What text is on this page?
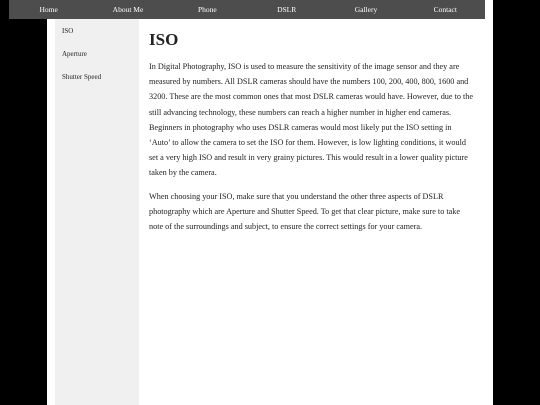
Home	About Me	Phone	DSLR	Gallery	Contact
ISO
Aperture
Shutter Speed
ISO

In Digital Photography, ISO is used to measure the sensitivity of the image sensor and they are measured by numbers. All DSLR cameras should have the numbers 100, 200, 400, 800, 1600 and 3200. These are the most common ones that most DSLR cameras would have. However, due to the still advancing technology, these numbers can reach a higher number in higher end cameras. Beginners in photography who uses DSLR cameras would most likely put the ISO setting in ‘Auto’ to allow the camera to set the ISO for them. However, is low lighting conditions, it would set a very high ISO and result in very grainy pictures. This would result in a lower quality picture taken by the camera.

When choosing your ISO, make sure that you understand the other three aspects of DSLR photography which are Aperture and Shutter Speed. To get that clear picture, make sure to take note of the surroundings and subject, to ensure the correct settings for your camera.
